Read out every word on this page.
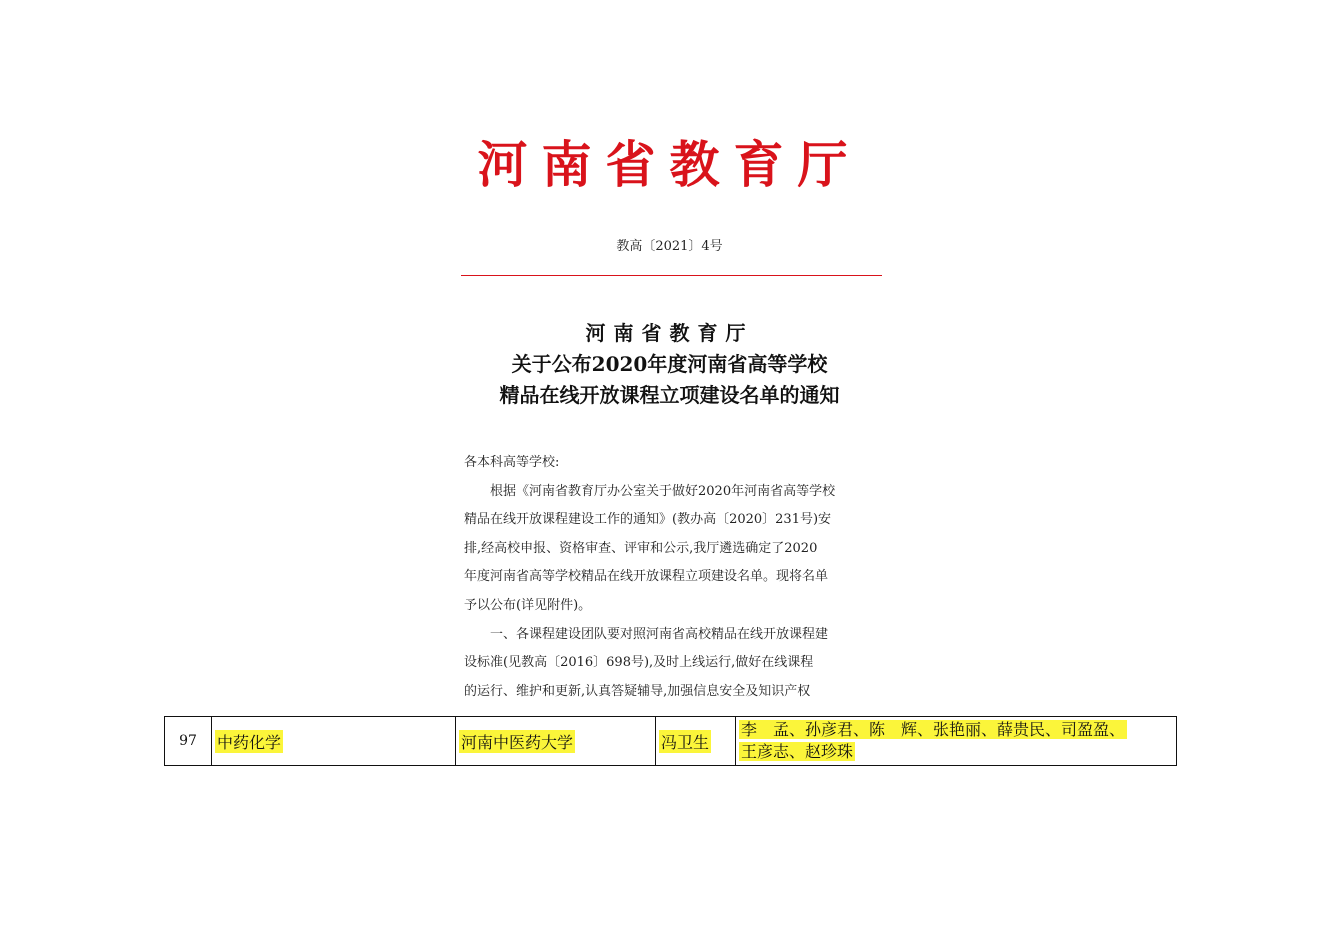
河南省教育厅
教高〔2021〕4号
河南省教育厅
关于公布2020年度河南省高等学校
精品在线开放课程立项建设名单的通知
各本科高等学校:
根据《河南省教育厅办公室关于做好2020年河南省高等学校
精品在线开放课程建设工作的通知》(教办高〔2020〕231号)安
排,经高校申报、资格审查、评审和公示,我厅遴选确定了2020
年度河南省高等学校精品在线开放课程立项建设名单。现将名单
予以公布(详见附件)。
一、各课程建设团队要对照河南省高校精品在线开放课程建
设标准(见教高〔2016〕698号),及时上线运行,做好在线课程
的运行、维护和更新,认真答疑辅导,加强信息安全及知识产权
97 中药化学	河南中医药大学	冯卫生
李　孟、孙彦君、陈　辉、张艳丽、薛贵民、司盈盈、
王彦志、赵珍珠
